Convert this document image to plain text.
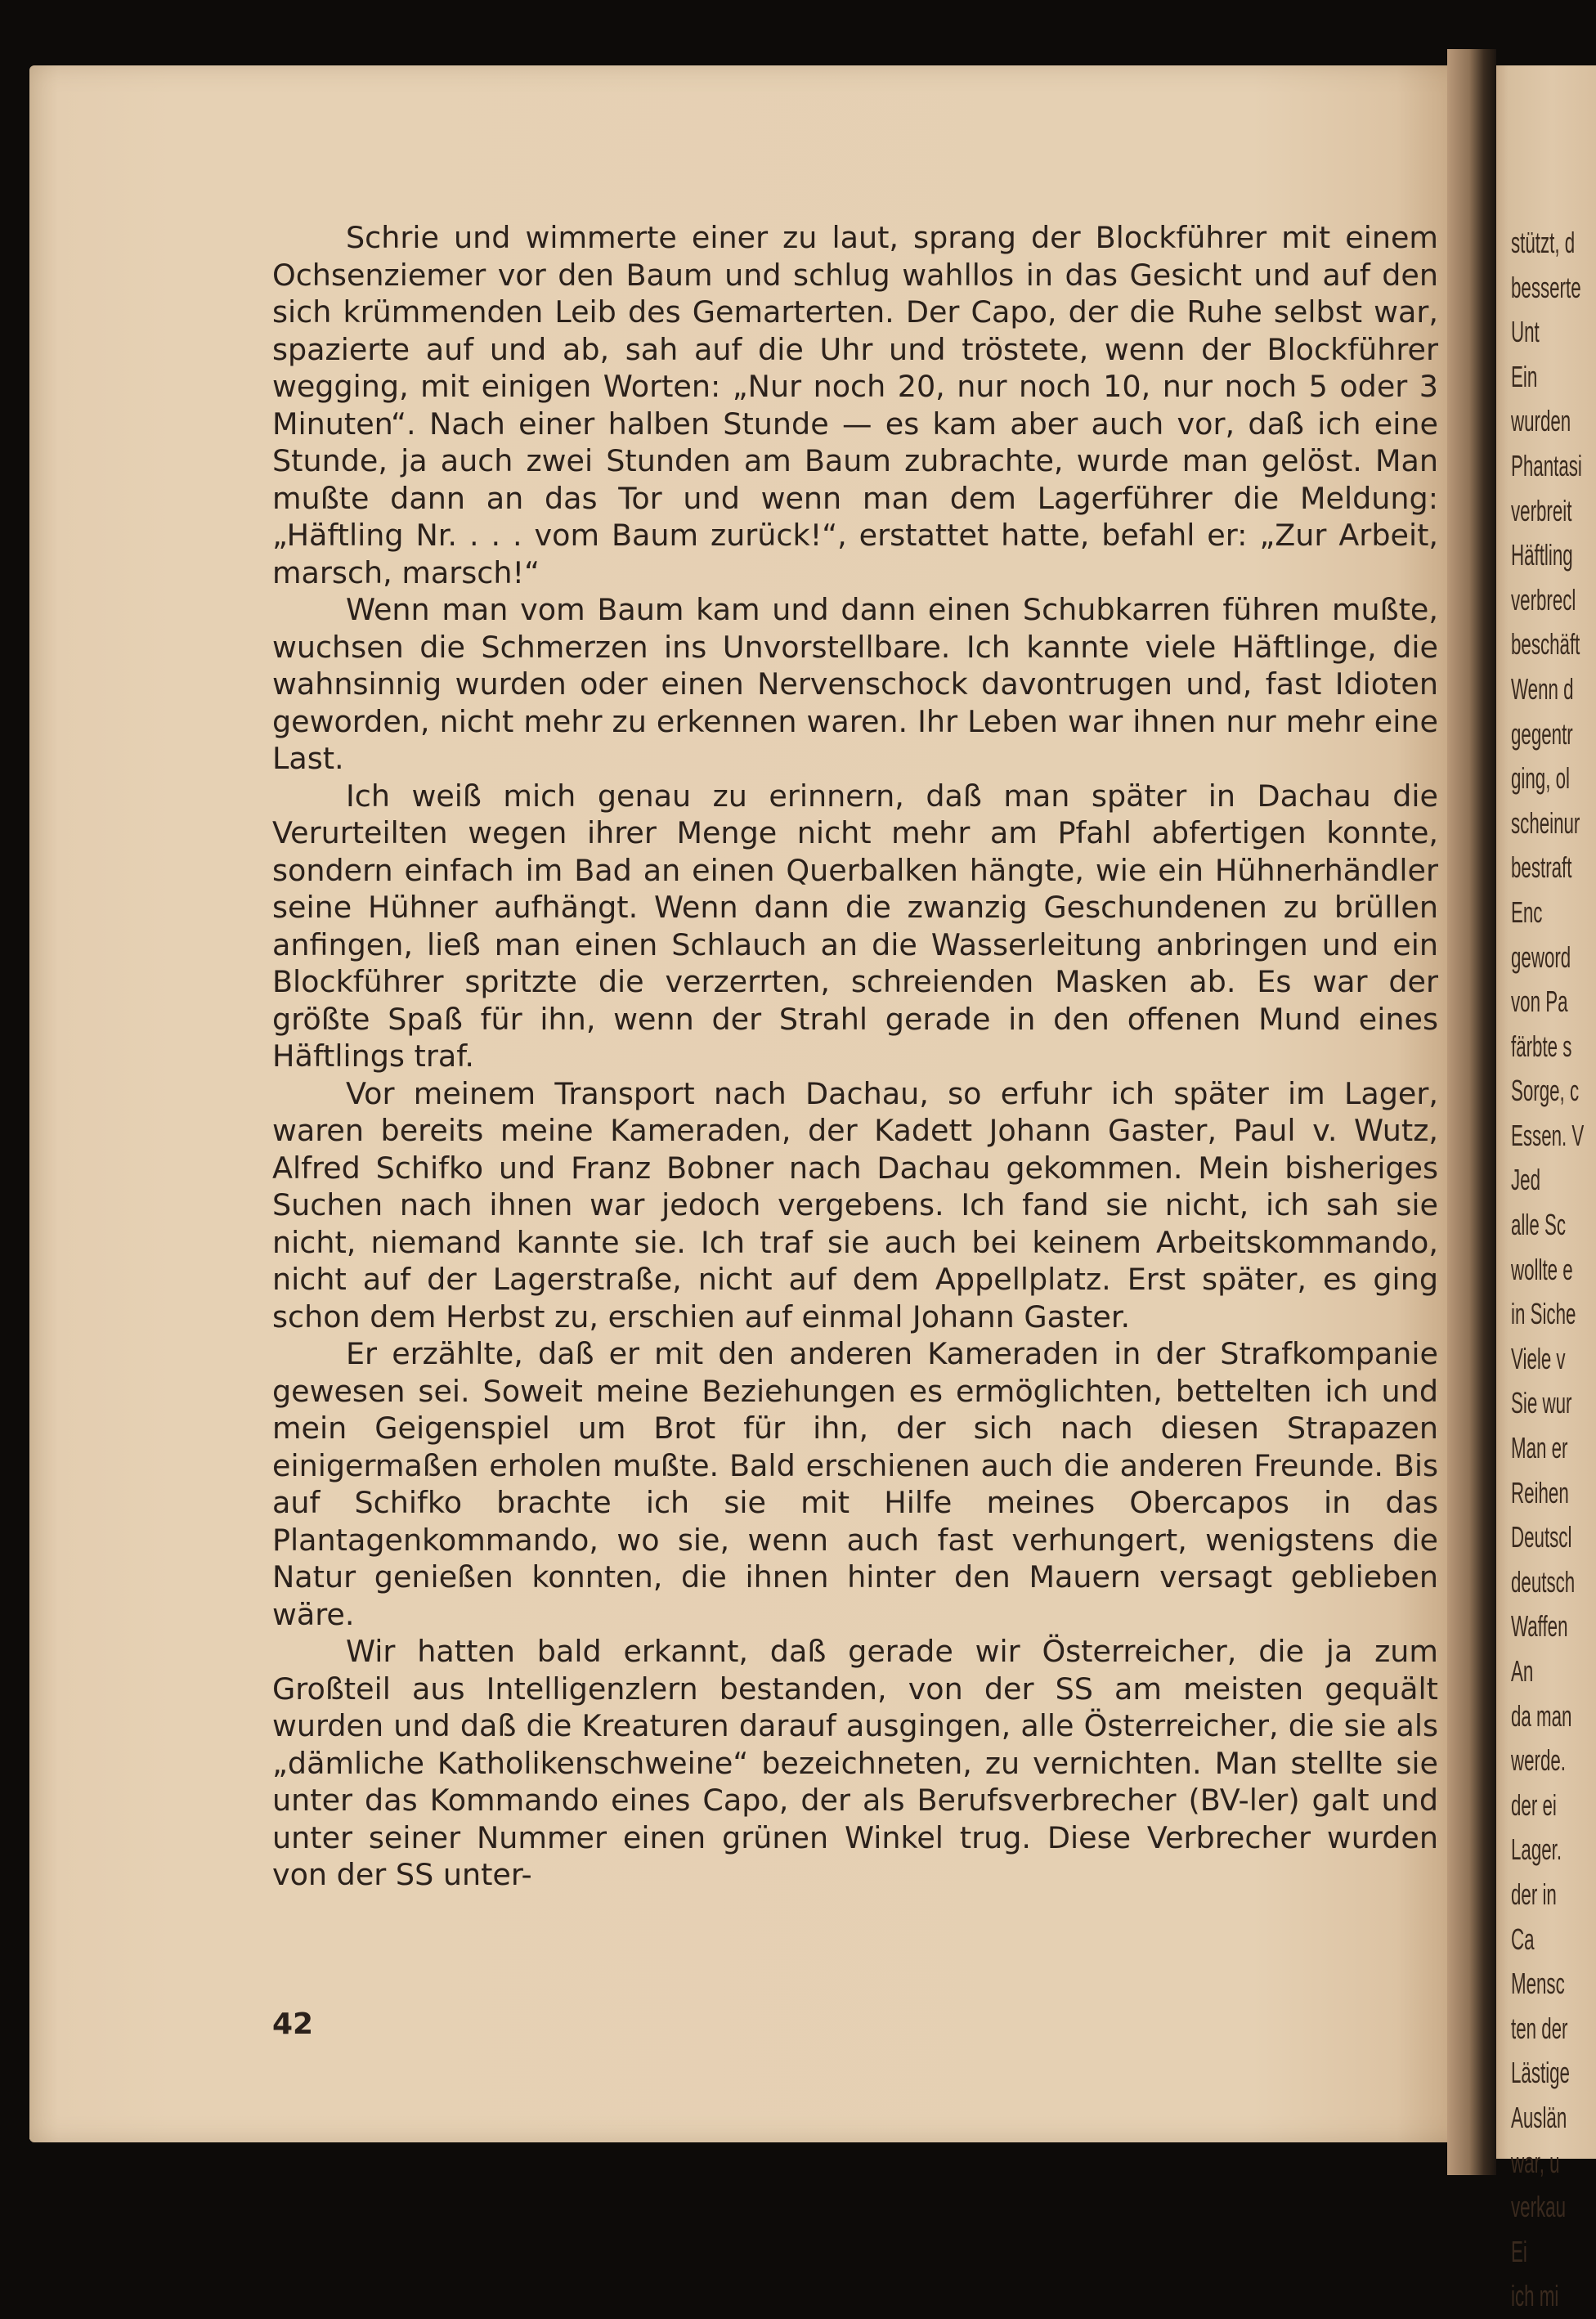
Schrie und wimmerte einer zu laut, sprang der Blockführer mit einem Ochsenziemer vor den Baum und schlug wahllos in das Gesicht und auf den sich krümmenden Leib des Gemarterten. Der Capo, der die Ruhe selbst war, spazierte auf und ab, sah auf die Uhr und tröstete, wenn der Blockführer wegging, mit einigen Worten: „Nur noch 20, nur noch 10, nur noch 5 oder 3 Minuten“. Nach einer halben Stunde — es kam aber auch vor, daß ich eine Stunde, ja auch zwei Stunden am Baum zubrachte, wurde man gelöst. Man mußte dann an das Tor und wenn man dem Lagerführer die Meldung: „Häftling Nr. . . . vom Baum zurück!“, erstattet hatte, befahl er: „Zur Arbeit, marsch, marsch!“

Wenn man vom Baum kam und dann einen Schubkarren führen mußte, wuchsen die Schmerzen ins Unvorstellbare. Ich kannte viele Häftlinge, die wahnsinnig wurden oder einen Nervenschock davontrugen und, fast Idioten geworden, nicht mehr zu erkennen waren. Ihr Leben war ihnen nur mehr eine Last.

Ich weiß mich genau zu erinnern, daß man später in Dachau die Verurteilten wegen ihrer Menge nicht mehr am Pfahl abfertigen konnte, sondern einfach im Bad an einen Querbalken hängte, wie ein Hühnerhändler seine Hühner aufhängt. Wenn dann die zwanzig Geschundenen zu brüllen anfingen, ließ man einen Schlauch an die Wasserleitung anbringen und ein Blockführer spritzte die verzerrten, schreienden Masken ab. Es war der größte Spaß für ihn, wenn der Strahl gerade in den offenen Mund eines Häftlings traf.

Vor meinem Transport nach Dachau, so erfuhr ich später im Lager, waren bereits meine Kameraden, der Kadett Johann Gaster, Paul v. Wutz, Alfred Schifko und Franz Bobner nach Dachau gekommen. Mein bisheriges Suchen nach ihnen war jedoch vergebens. Ich fand sie nicht, ich sah sie nicht, niemand kannte sie. Ich traf sie auch bei keinem Arbeitskommando, nicht auf der Lagerstraße, nicht auf dem Appellplatz. Erst später, es ging schon dem Herbst zu, erschien auf einmal Johann Gaster.

Er erzählte, daß er mit den anderen Kameraden in der Strafkompanie gewesen sei. Soweit meine Beziehungen es ermöglichten, bettelten ich und mein Geigenspiel um Brot für ihn, der sich nach diesen Strapazen einigermaßen erholen mußte. Bald erschienen auch die anderen Freunde. Bis auf Schifko brachte ich sie mit Hilfe meines Obercapos in das Plantagenkommando, wo sie, wenn auch fast verhungert, wenigstens die Natur genießen konnten, die ihnen hinter den Mauern versagt geblieben wäre.

Wir hatten bald erkannt, daß gerade wir Österreicher, die ja zum Großteil aus Intelligenzlern bestanden, von der SS am meisten gequält wurden und daß die Kreaturen darauf ausgingen, alle Österreicher, die sie als „dämliche Katholikenschweine“ bezeichneten, zu vernichten. Man stellte sie unter das Kommando eines Capo, der als Berufsverbrecher (BV-ler) galt und unter seiner Nummer einen grünen Winkel trug. Diese Verbrecher wurden von der SS unter-

42
stützt, d
besserte
Unt
Ein
wurden
Phantasi
verbreit
Häftling
verbrecl
beschäft
Wenn d
gegentr
ging, ol
scheinur
bestraft
Enc
geword
von Pa
färbte s
Sorge, c
Essen. V
Jed
alle Sc
wollte e
in Siche
Viele v
Sie wur
Man er
Reihen
Deutscl
deutsch
Waffen
An
da man
werde.
der ei
Lager.
der in
Ca
Mensc
ten der
Lästige
Auslän
war, u
verkau
Ei
ich mi
